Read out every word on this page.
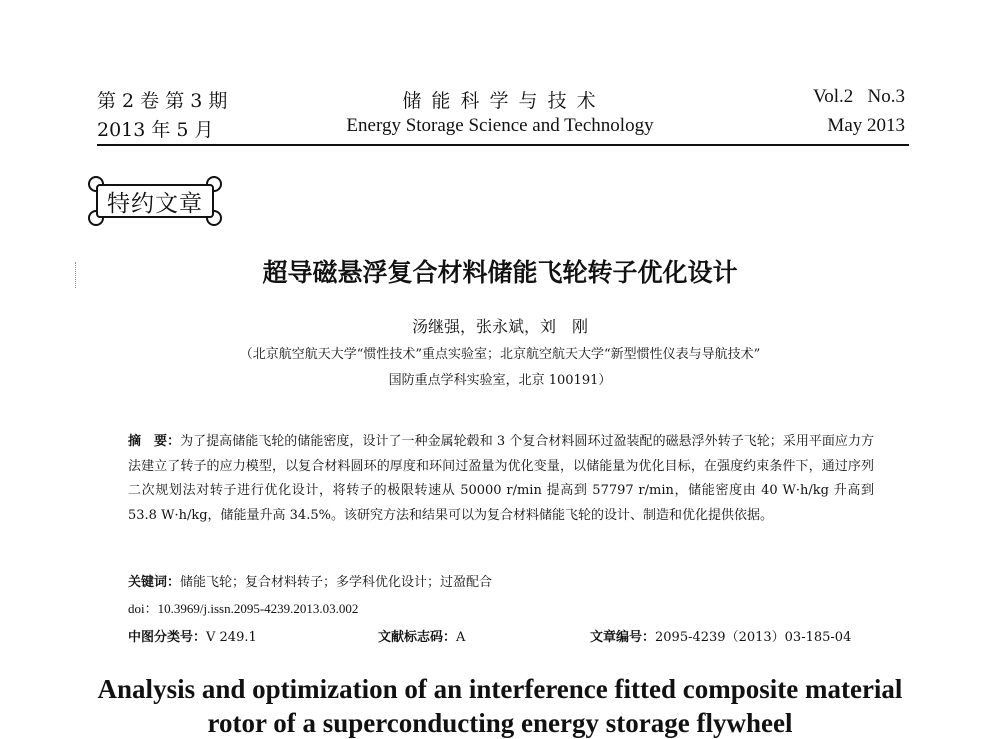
第 2 卷 第 3 期
2013 年 5 月
储 能 科 学 与 技 术
Energy Storage Science and Technology
Vol.2   No.3
May 2013
特约文章
超导磁悬浮复合材料储能飞轮转子优化设计
汤继强，张永斌，刘　刚
（北京航空航天大学“惯性技术”重点实验室；北京航空航天大学“新型惯性仪表与导航技术”
国防重点学科实验室，北京 100191）
摘　要：为了提高储能飞轮的储能密度，设计了一种金属轮毂和 3 个复合材料圆环过盈装配的磁悬浮外转子飞轮；采用平面应力方法建立了转子的应力模型，以复合材料圆环的厚度和环间过盈量为优化变量，以储能量为优化目标，在强度约束条件下，通过序列二次规划法对转子进行优化设计，将转子的极限转速从 50000 r/min 提高到 57797 r/min，储能密度由 40 W·h/kg 升高到 53.8 W·h/kg，储能量升高 34.5%。该研究方法和结果可以为复合材料储能飞轮的设计、制造和优化提供依据。
关键词：储能飞轮；复合材料转子；多学科优化设计；过盈配合
doi：10.3969/j.issn.2095-4239.2013.03.002
中图分类号：V 249.1	文献标志码：A	文章编号：2095-4239（2013）03-185-04
Analysis and optimization of an interference fitted composite material
rotor of a superconducting energy storage flywheel
